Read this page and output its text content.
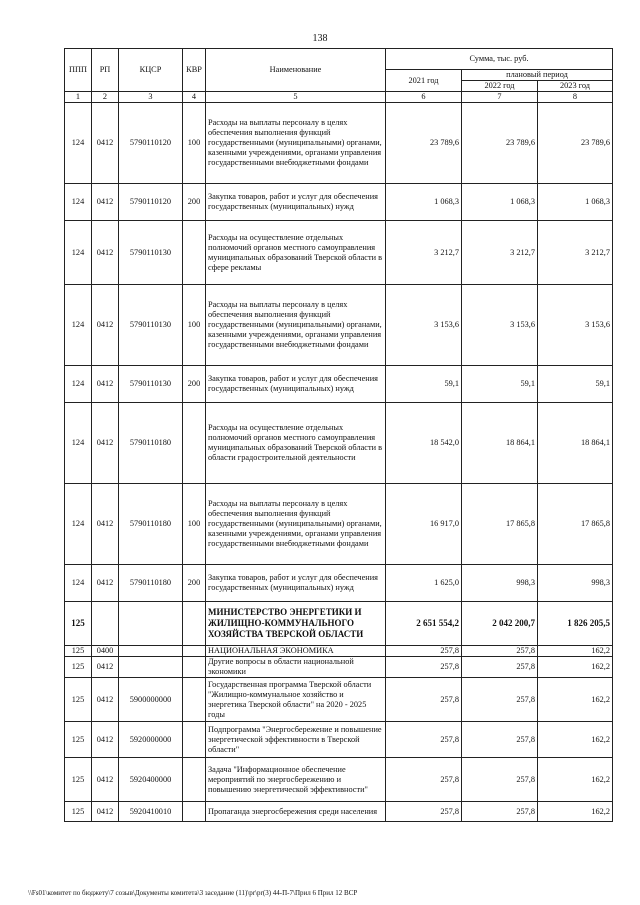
138
ППП	РП	КЦСР	КВР	Наименование	Сумма, тыс. руб.		
					2021 год	плановый период	
						2022 год	2023 год
1	2	3	4	5	6	7	8
124	0412	5790110120	100	Расходы на выплаты персоналу в целях обеспечения выполнения функций государственными (муниципальными) органами, казенными учреждениями, органами управления государственными внебюджетными фондами	23 789,6	23 789,6	23 789,6
124	0412	5790110120	200	Закупка товаров, работ и услуг для обеспечения государственных (муниципальных) нужд	1 068,3	1 068,3	1 068,3
124	0412	5790110130		Расходы на осуществление отдельных полномочий органов местного самоуправления муниципальных образований Тверской области в сфере рекламы	3 212,7	3 212,7	3 212,7
124	0412	5790110130	100	Расходы на выплаты персоналу в целях обеспечения выполнения функций государственными (муниципальными) органами, казенными учреждениями, органами управления государственными внебюджетными фондами	3 153,6	3 153,6	3 153,6
124	0412	5790110130	200	Закупка товаров, работ и услуг для обеспечения государственных (муниципальных) нужд	59,1	59,1	59,1
124	0412	5790110180		Расходы на осуществление отдельных полномочий органов местного самоуправления муниципальных образований Тверской области в области градостроительной деятельности	18 542,0	18 864,1	18 864,1
124	0412	5790110180	100	Расходы на выплаты персоналу в целях обеспечения выполнения функций государственными (муниципальными) органами, казенными учреждениями, органами управления государственными внебюджетными фондами	16 917,0	17 865,8	17 865,8
124	0412	5790110180	200	Закупка товаров, работ и услуг для обеспечения государственных (муниципальных) нужд	1 625,0	998,3	998,3
125				МИНИСТЕРСТВО ЭНЕРГЕТИКИ И ЖИЛИЩНО-КОММУНАЛЬНОГО ХОЗЯЙСТВА ТВЕРСКОЙ ОБЛАСТИ	2 651 554,2	2 042 200,7	1 826 205,5
125	0400			НАЦИОНАЛЬНАЯ ЭКОНОМИКА	257,8	257,8	162,2
125	0412			Другие вопросы в области национальной экономики	257,8	257,8	162,2
125	0412	5900000000		Государственная программа Тверской области "Жилищно-коммунальное хозяйство и энергетика Тверской области" на 2020 - 2025 годы	257,8	257,8	162,2
125	0412	5920000000		Подпрограмма "Энергосбережение и повышение энергетической эффективности в Тверской области"	257,8	257,8	162,2
125	0412	5920400000		Задача "Информационное обеспечение мероприятий по энергосбережению и повышению энергетической эффективности"	257,8	257,8	162,2
125	0412	5920410010		Пропаганда энергосбережения среди населения	257,8	257,8	162,2
\\Fs01\комитет по бюджету\7 созыв\Документы комитета\3 заседание (11)\pr\pr(3) 44-П-7\Прил 6 Прил 12 ВСР
